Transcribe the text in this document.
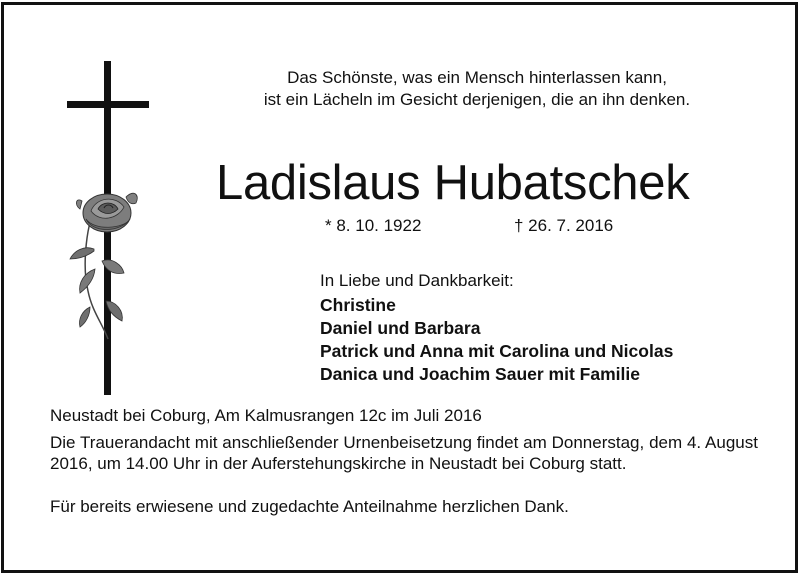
Das Schönste, was ein Mensch hinterlassen kann,
ist ein Lächeln im Gesicht derjenigen, die an ihn denken.
Ladislaus Hubatschek
* 8. 10. 1922	† 26. 7. 2016
In Liebe und Dankbarkeit:
Christine
Daniel und Barbara
Patrick und Anna mit Carolina und Nicolas
Danica und Joachim Sauer mit Familie
Neustadt bei Coburg, Am Kalmusrangen 12c im Juli 2016
Die Trauerandacht mit anschließender Urnenbeisetzung findet am Donnerstag, dem 4. August 2016, um 14.00 Uhr in der Auferstehungskirche in Neustadt bei Coburg statt.
Für bereits erwiesene und zugedachte Anteilnahme herzlichen Dank.
